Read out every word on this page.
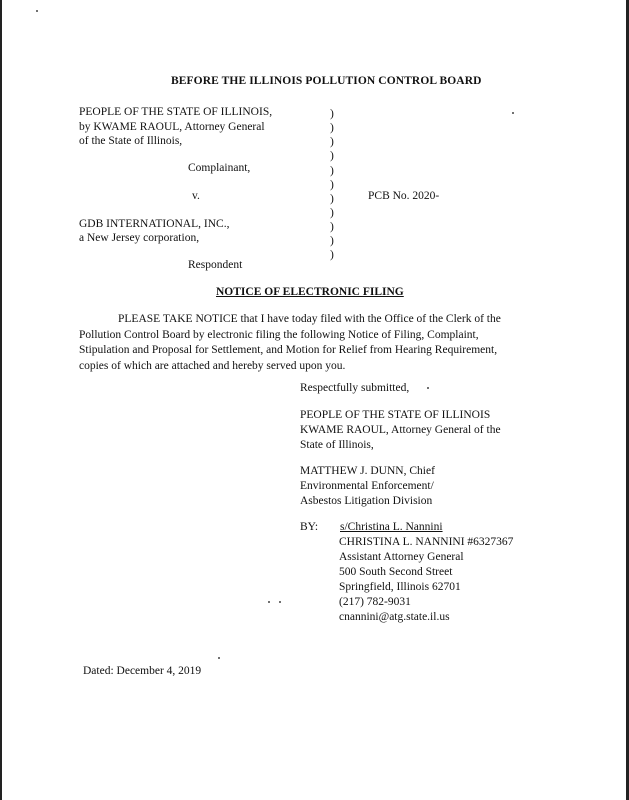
BEFORE THE ILLINOIS POLLUTION CONTROL BOARD
PEOPLE OF THE STATE OF ILLINOIS,
by KWAME RAOUL, Attorney General
of the State of Illinois,
Complainant,
v.	PCB No. 2020-
GDB INTERNATIONAL, INC.,
a New Jersey corporation,
Respondent
)
)
)
)
)
)
)
)
)
)
)
NOTICE OF ELECTRONIC FILING
PLEASE TAKE NOTICE that I have today filed with the Office of the Clerk of the
Pollution Control Board by electronic filing the following Notice of Filing, Complaint,
Stipulation and Proposal for Settlement, and Motion for Relief from Hearing Requirement,
copies of which are attached and hereby served upon you.
Respectfully submitted,
PEOPLE OF THE STATE OF ILLINOIS
KWAME RAOUL, Attorney General of the
State of Illinois,
MATTHEW J. DUNN, Chief
Environmental Enforcement/
Asbestos Litigation Division
BY:	s/Christina L. Nannini
CHRISTINA L. NANNINI #6327367
Assistant Attorney General
500 South Second Street
Springfield, Illinois 62701
(217) 782-9031
cnannini@atg.state.il.us
Dated: December 4, 2019
